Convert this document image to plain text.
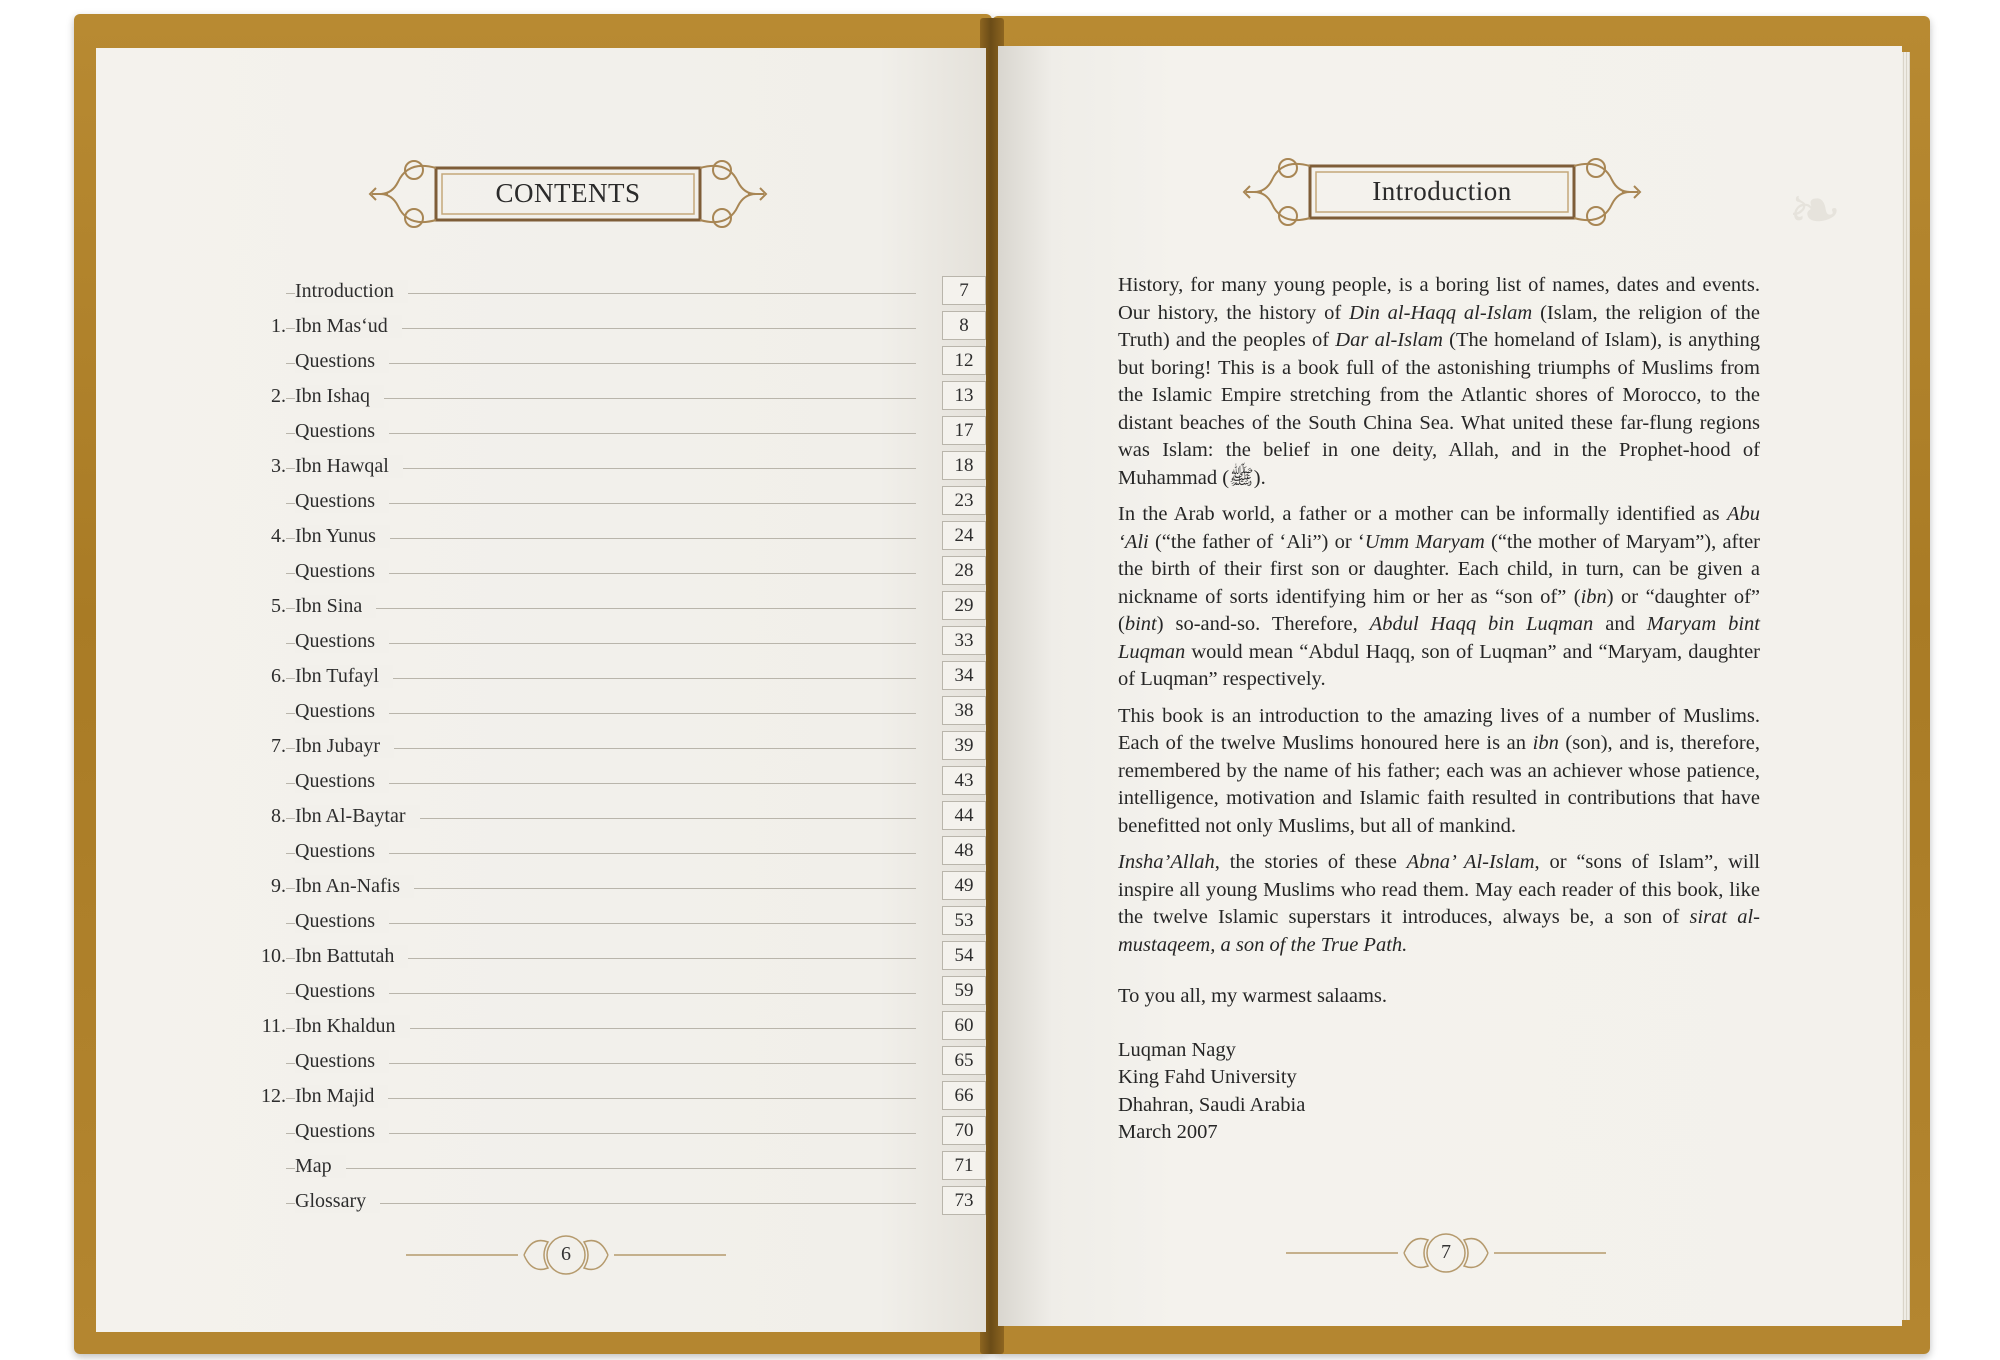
CONTENTS
Introduction	7
1. Ibn Mas‘ud	8
Questions	12
2. Ibn Ishaq	13
Questions	17
3. Ibn Hawqal	18
Questions	23
4. Ibn Yunus	24
Questions	28
5. Ibn Sina	29
Questions	33
6. Ibn Tufayl	34
Questions	38
7. Ibn Jubayr	39
Questions	43
8. Ibn Al-Baytar	44
Questions	48
9. Ibn An-Nafis	49
Questions	53
10. Ibn Battutah	54
Questions	59
11. Ibn Khaldun	60
Questions	65
12. Ibn Majid	66
Questions	70
Map	71
Glossary	73
6
❧
Introduction

History, for many young people, is a boring list of names, dates and events. Our history, the history of Din al-Haqq al-Islam (Islam, the religion of the Truth) and the peoples of Dar al-Islam (The homeland of Islam), is anything but boring! This is a book full of the astonishing triumphs of Muslims from the Islamic Empire stretching from the Atlantic shores of Morocco, to the distant beaches of the South China Sea. What united these far-flung regions was Islam: the belief in one deity, Allah, and in the Prophet-hood of Muhammad (ﷺ).

In the Arab world, a father or a mother can be informally identified as Abu ‘Ali (“the father of ‘Ali”) or ‘Umm Maryam (“the mother of Maryam”), after the birth of their first son or daughter. Each child, in turn, can be given a nickname of sorts identifying him or her as “son of” (ibn) or “daughter of” (bint) so-and-so. Therefore, Abdul Haqq bin Luqman and Maryam bint Luqman would mean “Abdul Haqq, son of Luqman” and “Maryam, daughter of Luqman” respectively.

This book is an introduction to the amazing lives of a number of Muslims. Each of the twelve Muslims honoured here is an ibn (son), and is, therefore, remembered by the name of his father; each was an achiever whose patience, intelligence, motivation and Islamic faith resulted in contributions that have benefitted not only Muslims, but all of mankind.

Insha’Allah, the stories of these Abna’ Al-Islam, or “sons of Islam”, will inspire all young Muslims who read them. May each reader of this book, like the twelve Islamic superstars it introduces, always be, a son of sirat al-mustaqeem, a son of the True Path.

To you all, my warmest salaams.

Luqman Nagy
King Fahd University
Dhahran, Saudi Arabia
March 2007
7
